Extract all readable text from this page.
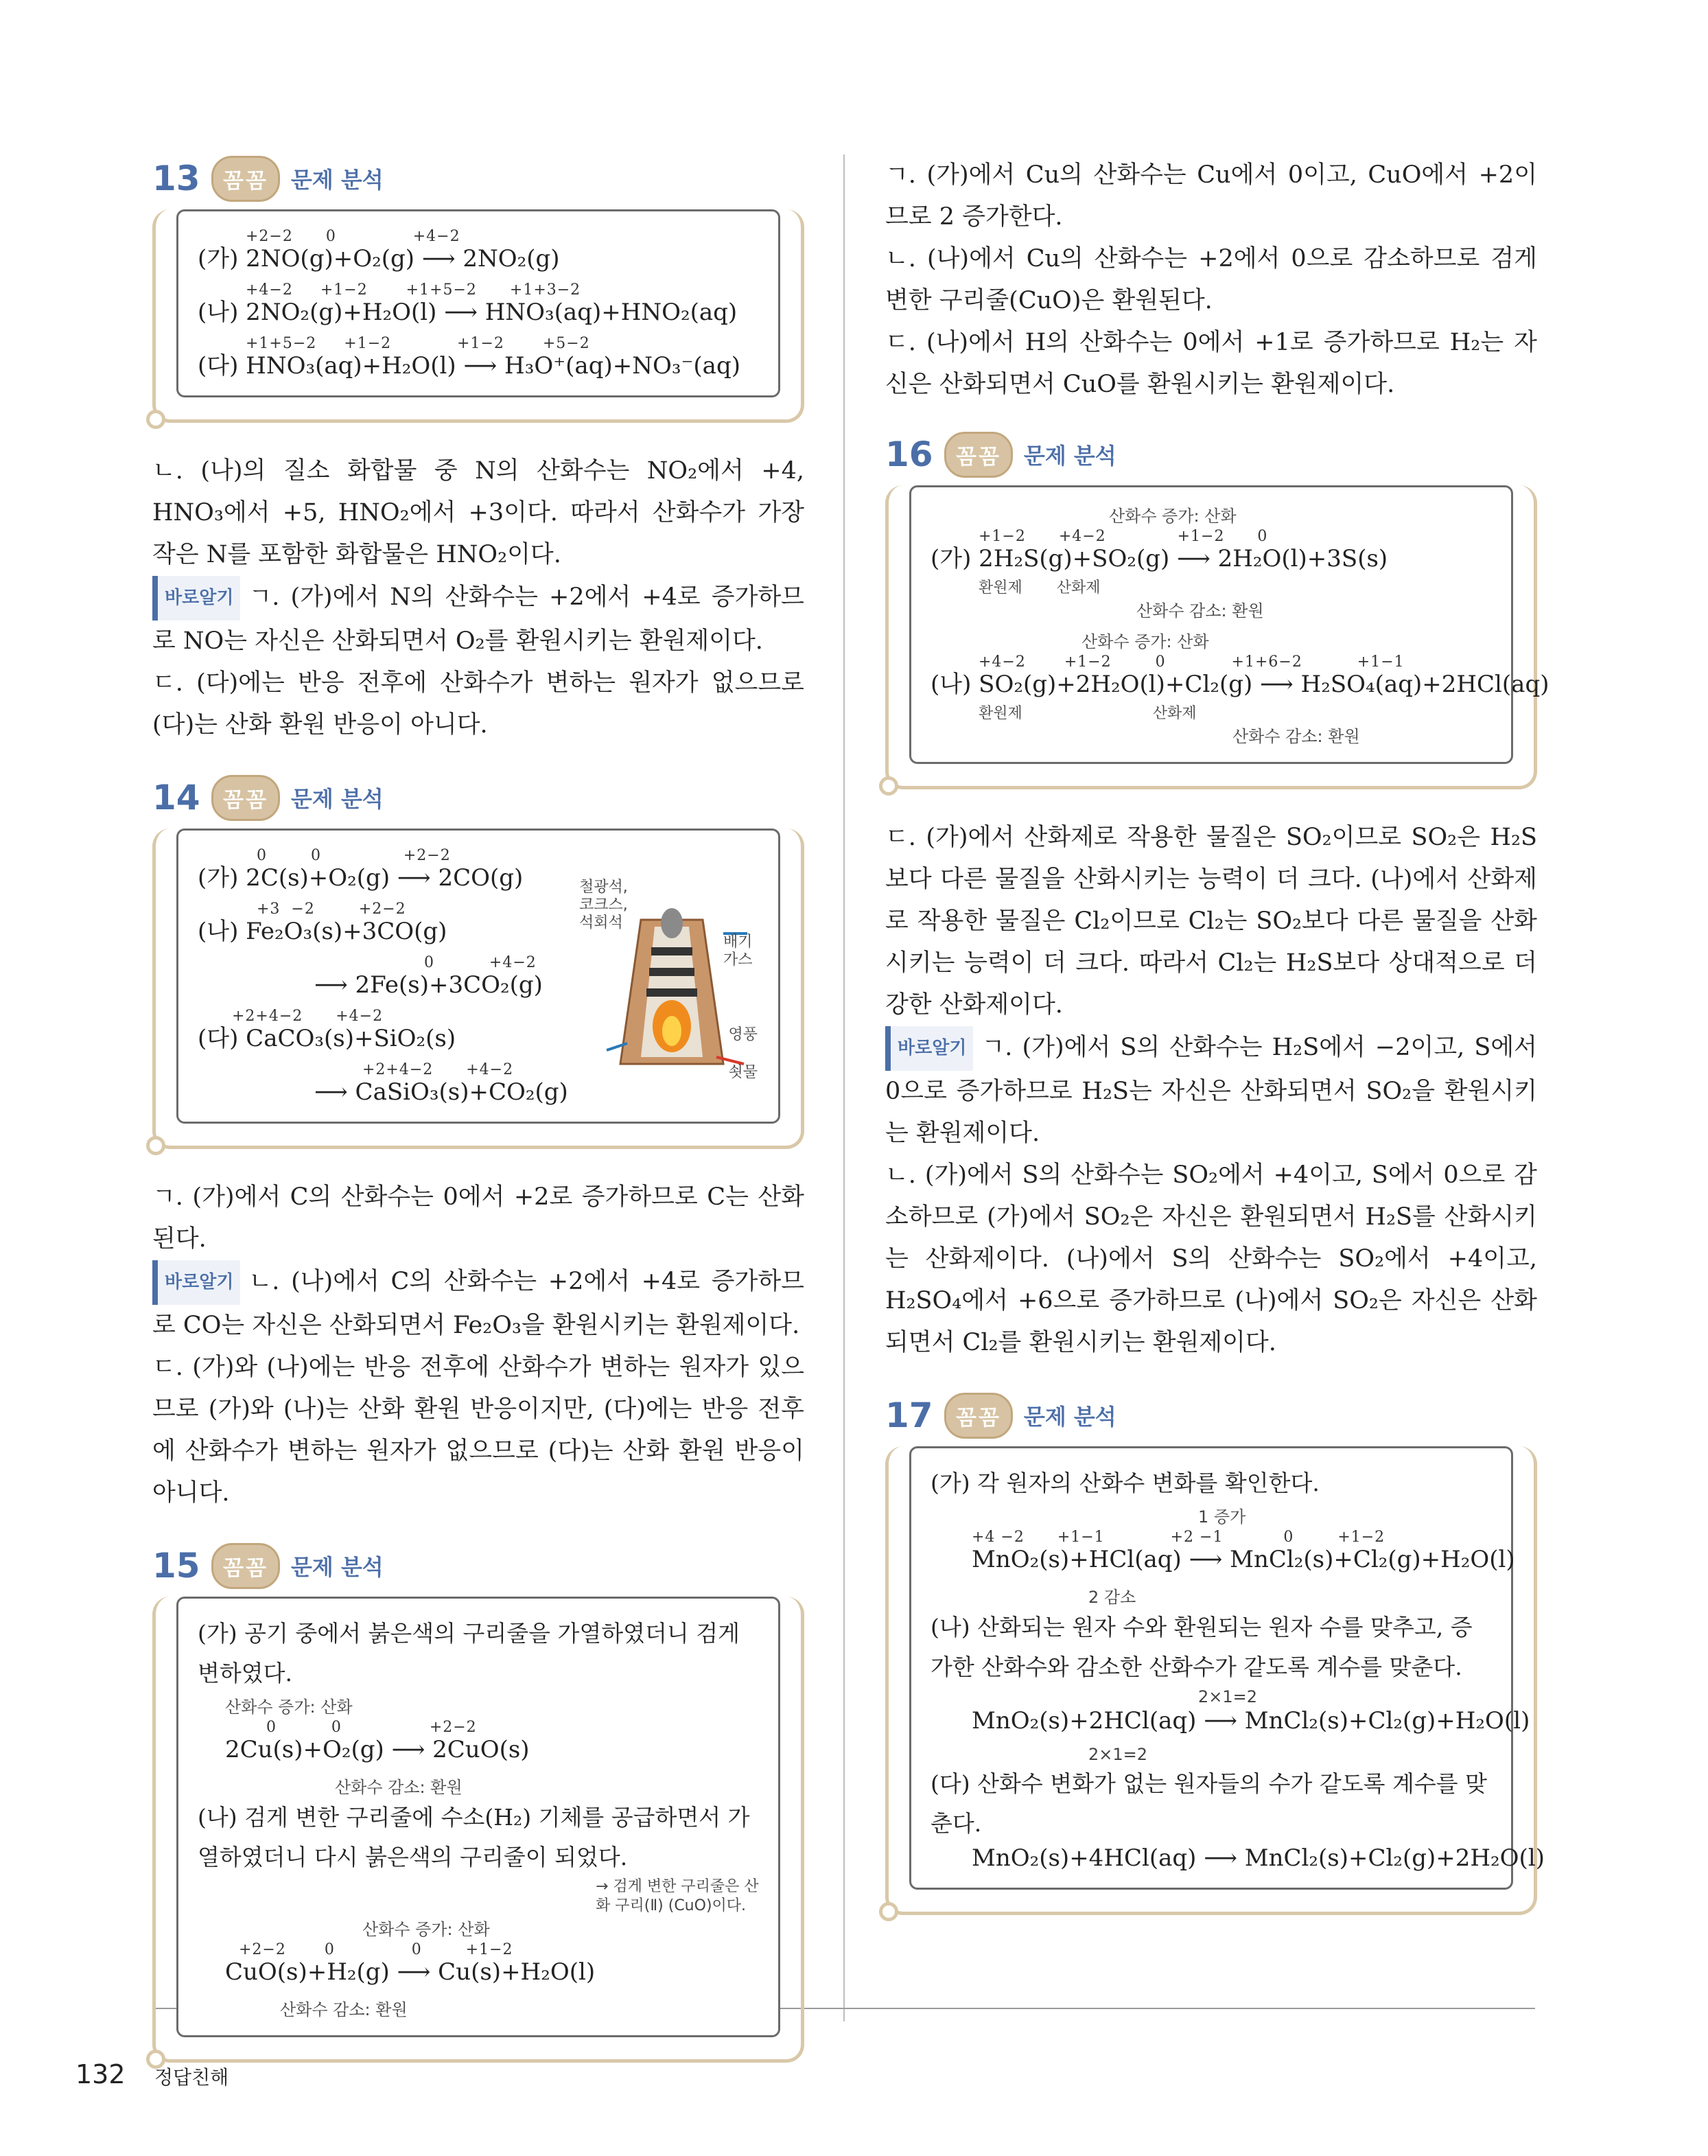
13	꼼꼼	문제 분석
+2−2      0              +4−2
(가) 2NO(g)+O₂(g) ⟶ 2NO₂(g)
+4−2     +1−2       +1+5−2      +1+3−2
(나) 2NO₂(g)+H₂O(l) ⟶ HNO₃(aq)+HNO₂(aq)
+1+5−2     +1−2            +1−2       +5−2
(다) HNO₃(aq)+H₂O(l) ⟶ H₃O⁺(aq)+NO₃⁻(aq)

ㄴ. (나)의 질소 화합물 중 N의 산화수는 NO₂에서 +4, HNO₃에서 +5, HNO₂에서 +3이다. 따라서 산화수가 가장 작은 N를 포함한 화합물은 HNO₂이다.

바로알기 ㄱ. (가)에서 N의 산화수는 +2에서 +4로 증가하므로 NO는 자신은 산화되면서 O₂를 환원시키는 환원제이다.

ㄷ. (다)에는 반응 전후에 산화수가 변하는 원자가 없으므로 (다)는 산화 환원 반응이 아니다.

14	꼼꼼	문제 분석
0        0               +2−2
(가) 2C(s)+O₂(g) ⟶ 2CO(g)
+3  −2        +2−2
(나) Fe₂O₃(s)+3CO(g)
0          +4−2
⟶ 2Fe(s)+3CO₂(g)
+2+4−2      +4−2
(다) CaCO₃(s)+SiO₂(s)
+2+4−2      +4−2
⟶ CaSiO₃(s)+CO₂(g)
철광석, 코크스, 석회석
배기 가스
영풍
쇳물

ㄱ. (가)에서 C의 산화수는 0에서 +2로 증가하므로 C는 산화된다.

바로알기 ㄴ. (나)에서 C의 산화수는 +2에서 +4로 증가하므로 CO는 자신은 산화되면서 Fe₂O₃을 환원시키는 환원제이다.

ㄷ. (가)와 (나)에는 반응 전후에 산화수가 변하는 원자가 있으므로 (가)와 (나)는 산화 환원 반응이지만, (다)에는 반응 전후에 산화수가 변하는 원자가 없으므로 (다)는 산화 환원 반응이 아니다.

15	꼼꼼	문제 분석
(가) 공기 중에서 붉은색의 구리줄을 가열하였더니 검게 변하였다.
산화수 증가: 산화
0          0                +2−2
2Cu(s)+O₂(g) ⟶ 2CuO(s)
산화수 감소: 환원
(나) 검게 변한 구리줄에 수소(H₂) 기체를 공급하면서 가열하였더니 다시 붉은색의 구리줄이 되었다.
→ 검게 변한 구리줄은 산화 구리(Ⅱ) (CuO)이다.
산화수 증가: 산화
+2−2       0              0        +1−2
CuO(s)+H₂(g) ⟶ Cu(s)+H₂O(l)
산화수 감소: 환원

ㄱ. (가)에서 Cu의 산화수는 Cu에서 0이고, CuO에서 +2이므로 2 증가한다.

ㄴ. (나)에서 Cu의 산화수는 +2에서 0으로 감소하므로 검게 변한 구리줄(CuO)은 환원된다.

ㄷ. (나)에서 H의 산화수는 0에서 +1로 증가하므로 H₂는 자신은 산화되면서 CuO를 환원시키는 환원제이다.

16	꼼꼼	문제 분석
산화수 증가: 산화
+1−2      +4−2             +1−2      0
(가) 2H₂S(g)+SO₂(g) ⟶ 2H₂O(l)+3S(s)
환원제 산화제
산화수 감소: 환원
산화수 증가: 산화
+4−2       +1−2        0            +1+6−2          +1−1
(나) SO₂(g)+2H₂O(l)+Cl₂(g) ⟶ H₂SO₄(aq)+2HCl(aq)
환원제	산화제
산화수 감소: 환원

ㄷ. (가)에서 산화제로 작용한 물질은 SO₂이므로 SO₂은 H₂S보다 다른 물질을 산화시키는 능력이 더 크다. (나)에서 산화제로 작용한 물질은 Cl₂이므로 Cl₂는 SO₂보다 다른 물질을 산화시키는 능력이 더 크다. 따라서 Cl₂는 H₂S보다 상대적으로 더 강한 산화제이다.

바로알기 ㄱ. (가)에서 S의 산화수는 H₂S에서 −2이고, S에서 0으로 증가하므로 H₂S는 자신은 산화되면서 SO₂을 환원시키는 환원제이다.

ㄴ. (가)에서 S의 산화수는 SO₂에서 +4이고, S에서 0으로 감소하므로 (가)에서 SO₂은 자신은 환원되면서 H₂S를 산화시키는 산화제이다. (나)에서 S의 산화수는 SO₂에서 +4이고, H₂SO₄에서 +6으로 증가하므로 (나)에서 SO₂은 자신은 산화되면서 Cl₂를 환원시키는 환원제이다.

17	꼼꼼	문제 분석
(가) 각 원자의 산화수 변화를 확인한다.
1 증가
+4 −2      +1−1            +2 −1           0        +1−2
MnO₂(s)+HCl(aq) ⟶ MnCl₂(s)+Cl₂(g)+H₂O(l)
2 감소
(나) 산화되는 원자 수와 환원되는 원자 수를 맞추고, 증가한 산화수와 감소한 산화수가 같도록 계수를 맞춘다.
2×1=2
MnO₂(s)+2HCl(aq) ⟶ MnCl₂(s)+Cl₂(g)+H₂O(l)
2×1=2
(다) 산화수 변화가 없는 원자들의 수가 같도록 계수를 맞춘다.
MnO₂(s)+4HCl(aq) ⟶ MnCl₂(s)+Cl₂(g)+2H₂O(l)
132 정답친해
